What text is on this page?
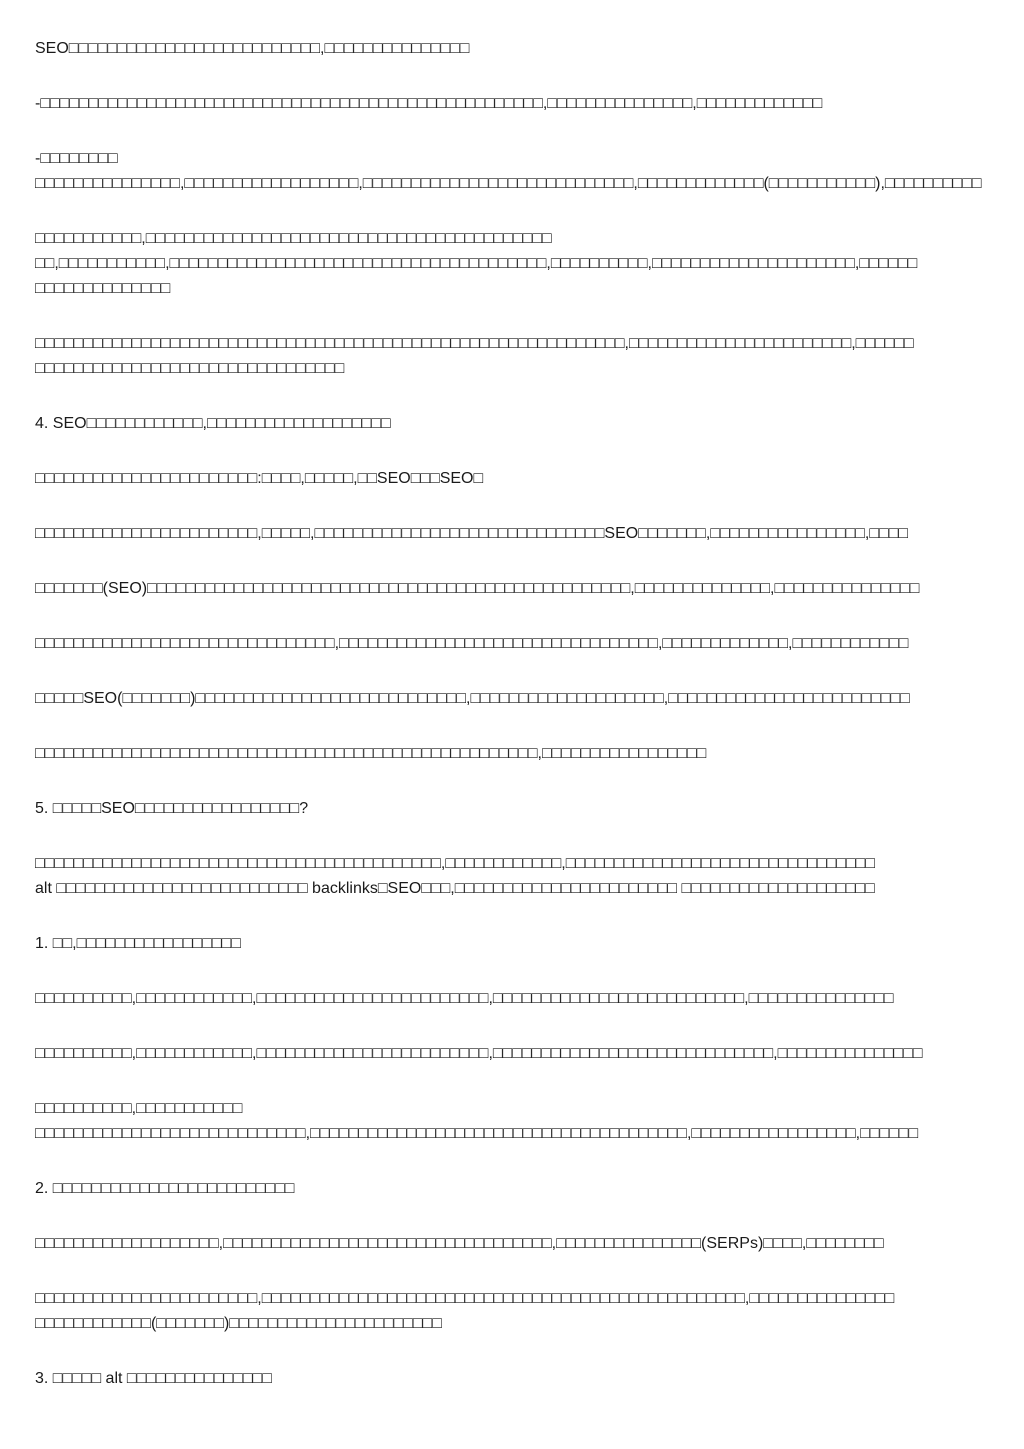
SEO□□□□□□□□□□□□□□□□□□□□□□□□□□,□□□□□□□□□□□□□□□
-□□□□□□□□□□□□□□□□□□□□□□□□□□□□□□□□□□□□□□□□□□□□□□□□□□□□,□□□□□□□□□□□□□□□,□□□□□□□□□□□□□
-□□□□□□□□
□□□□□□□□□□□□□□□,□□□□□□□□□□□□□□□□□□,□□□□□□□□□□□□□□□□□□□□□□□□□□□□,□□□□□□□□□□□□□(□□□□□□□□□□□),□□□□□□□□□□
□□□□□□□□□□□,□□□□□□□□□□□□□□□□□□□□□□□□□□□□□□□□□□□□□□□□□□
□□,□□□□□□□□□□□,□□□□□□□□□□□□□□□□□□□□□□□□□□□□□□□□□□□□□□□,□□□□□□□□□□,□□□□□□□□□□□□□□□□□□□□□,□□□□□□
□□□□□□□□□□□□□□
□□□□□□□□□□□□□□□□□□□□□□□□□□□□□□□□□□□□□□□□□□□□□□□□□□□□□□□□□□□□□,□□□□□□□□□□□□□□□□□□□□□□□,□□□□□□
□□□□□□□□□□□□□□□□□□□□□□□□□□□□□□□□
4. SEO□□□□□□□□□□□□,□□□□□□□□□□□□□□□□□□□
□□□□□□□□□□□□□□□□□□□□□□□:□□□□,□□□□□,□□SEO□□□SEO□
□□□□□□□□□□□□□□□□□□□□□□□,□□□□□,□□□□□□□□□□□□□□□□□□□□□□□□□□□□□□SEO□□□□□□□,□□□□□□□□□□□□□□□□,□□□□
□□□□□□□(SEO)□□□□□□□□□□□□□□□□□□□□□□□□□□□□□□□□□□□□□□□□□□□□□□□□□□,□□□□□□□□□□□□□□,□□□□□□□□□□□□□□□
□□□□□□□□□□□□□□□□□□□□□□□□□□□□□□□,□□□□□□□□□□□□□□□□□□□□□□□□□□□□□□□□□,□□□□□□□□□□□□□,□□□□□□□□□□□□
□□□□□SEO(□□□□□□□)□□□□□□□□□□□□□□□□□□□□□□□□□□□□,□□□□□□□□□□□□□□□□□□□□,□□□□□□□□□□□□□□□□□□□□□□□□□
□□□□□□□□□□□□□□□□□□□□□□□□□□□□□□□□□□□□□□□□□□□□□□□□□□□□,□□□□□□□□□□□□□□□□□
5. □□□□□SEO□□□□□□□□□□□□□□□□□?
□□□□□□□□□□□□□□□□□□□□□□□□□□□□□□□□□□□□□□□□□□,□□□□□□□□□□□□,□□□□□□□□□□□□□□□□□□□□□□□□□□□□□□□□
alt □□□□□□□□□□□□□□□□□□□□□□□□□□ backlinks□SEO□□□,□□□□□□□□□□□□□□□□□□□□□□□ □□□□□□□□□□□□□□□□□□□□
1. □□,□□□□□□□□□□□□□□□□□
□□□□□□□□□□,□□□□□□□□□□□□,□□□□□□□□□□□□□□□□□□□□□□□□,□□□□□□□□□□□□□□□□□□□□□□□□□□,□□□□□□□□□□□□□□□
□□□□□□□□□□,□□□□□□□□□□□□,□□□□□□□□□□□□□□□□□□□□□□□□,□□□□□□□□□□□□□□□□□□□□□□□□□□□□□,□□□□□□□□□□□□□□□
□□□□□□□□□□,□□□□□□□□□□□
□□□□□□□□□□□□□□□□□□□□□□□□□□□□,□□□□□□□□□□□□□□□□□□□□□□□□□□□□□□□□□□□□□□□,□□□□□□□□□□□□□□□□□,□□□□□□
2. □□□□□□□□□□□□□□□□□□□□□□□□□
□□□□□□□□□□□□□□□□□□□,□□□□□□□□□□□□□□□□□□□□□□□□□□□□□□□□□□,□□□□□□□□□□□□□□□(SERPs)□□□□,□□□□□□□□
□□□□□□□□□□□□□□□□□□□□□□□,□□□□□□□□□□□□□□□□□□□□□□□□□□□□□□□□□□□□□□□□□□□□□□□□□□,□□□□□□□□□□□□□□□
□□□□□□□□□□□□(□□□□□□□)□□□□□□□□□□□□□□□□□□□□□□
3. □□□□□ alt □□□□□□□□□□□□□□□
